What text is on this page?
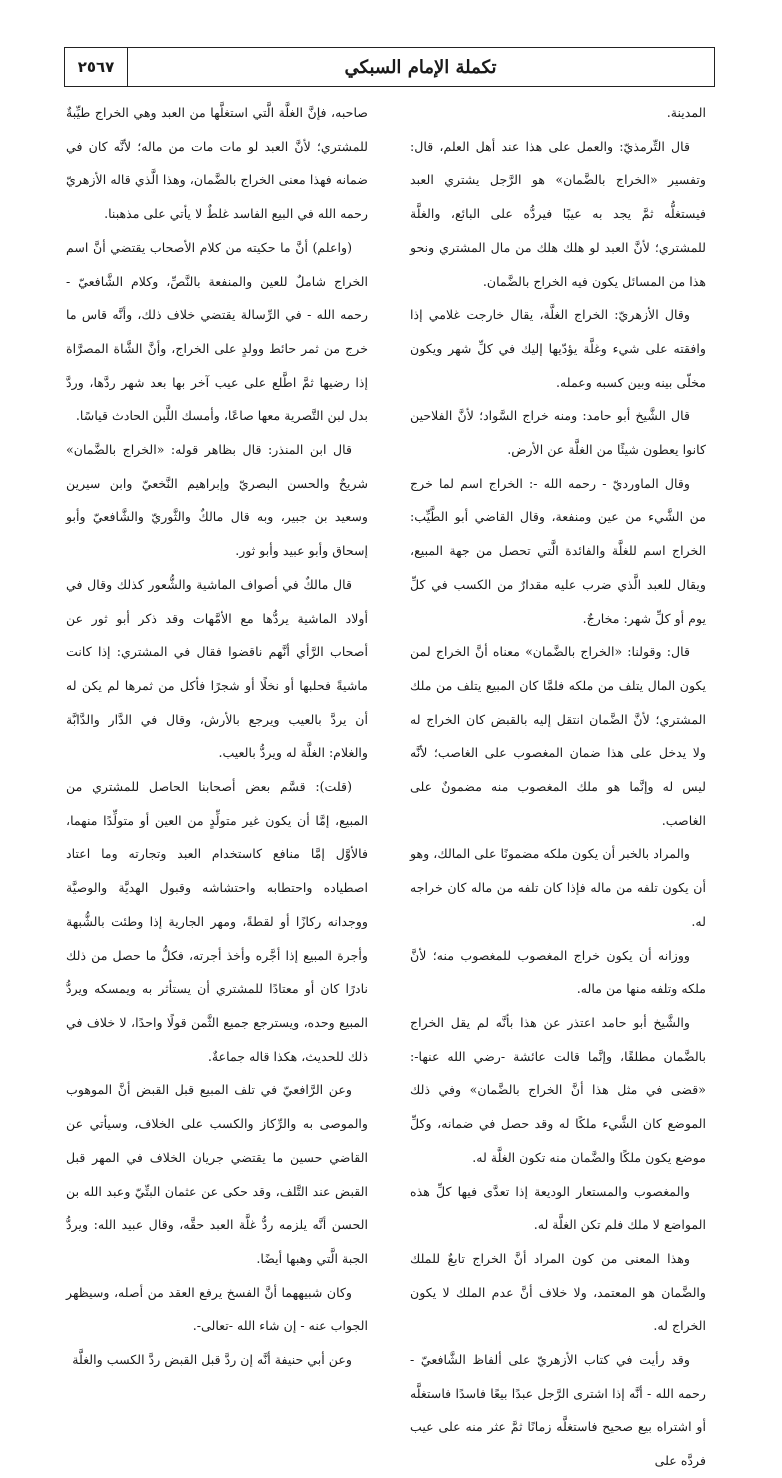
٢٥٦٧	تكملة الإمام السبكي

المدينة.

قال التِّرمذيّ: والعمل على هذا عند أهل العلم، قال: وتفسير «الخراج بالضَّمان» هو الرَّجل يشتري العبد فيستغلُّه ثمَّ يجد به عيبًا فيردُّه على البائع، والغلَّة للمشتري؛ لأنَّ العبد لو هلك هلك من مال المشتري ونحو هذا من المسائل يكون فيه الخراج بالضَّمان.

وقال الأزهريّ: الخراج الغلَّة، يقال خارجت غلامي إذا وافقته على شيء وغلَّة يؤدّيها إليك في كلِّ شهر ويكون مخلّى بينه وبين كسبه وعمله.

قال الشَّيخ أبو حامد: ومنه خراج السَّواد؛ لأنَّ الفلاحين كانوا يعطون شيئًا من الغلَّة عن الأرض.

وقال الماورديّ - رحمه الله -: الخراج اسم لما خرج من الشَّيء من عين ومنفعة، وقال القاضي أبو الطَّيِّب: الخراج اسم للغلَّة والفائدة الَّتي تحصل من جهة المبيع، ويقال للعبد الَّذي ضرب عليه مقدارٌ من الكسب في كلِّ يوم أو كلِّ شهر: مخارجٌ.

قال: وقولنا: «الخراج بالضَّمان» معناه أنَّ الخراج لمن يكون المال يتلف من ملكه فلمَّا كان المبيع يتلف من ملك المشتري؛ لأنَّ الضَّمان انتقل إليه بالقبض كان الخراج له ولا يدخل على هذا ضمان المغصوب على الغاصب؛ لأنَّه ليس له وإنَّما هو ملك المغصوب منه مضمونٌ على الغاصب.

والمراد بالخبر أن يكون ملكه مضمونًا على المالك، وهو أن يكون تلفه من ماله فإذا كان تلفه من ماله كان خراجه له.

ووزانه أن يكون خراج المغصوب للمغصوب منه؛ لأنَّ ملكه وتلفه منها من ماله.

والشَّيخ أبو حامد اعتذر عن هذا بأنَّه لم يقل الخراج بالضَّمان مطلقًا، وإنَّما قالت عائشة -رضي الله عنها-: «قضى في مثل هذا أنَّ الخراج بالضَّمان» وفي ذلك الموضع كان الشَّيء ملكًا له وقد حصل في ضمانه، وكلِّ موضع يكون ملكًا والضَّمان منه تكون الغلَّة له.

والمغصوب والمستعار الوديعة إذا تعدَّى فيها كلِّ هذه المواضع لا ملك فلم تكن الغلَّة له.

وهذا المعنى من كون المراد أنَّ الخراج تابعٌ للملك والضَّمان هو المعتمد، ولا خلاف أنَّ عدم الملك لا يكون الخراج له.

وقد رأيت في كتاب الأزهريّ على ألفاظ الشَّافعيّ - رحمه الله - أنَّه إذا اشترى الرَّجل عبدًا بيعًا فاسدًا فاستغلَّه أو اشتراه بيع صحيح فاستغلَّه زمانًا ثمَّ عثر منه على عيب فردَّه على

صاحبه، فإنَّ الغلَّة الَّتي استغلَّها من العبد وهي الخراج طيِّبةٌ للمشتري؛ لأنَّ العبد لو مات مات من ماله؛ لأنَّه كان في ضمانه فهذا معنى الخراج بالضَّمان، وهذا الَّذي قاله الأزهريّ رحمه الله في البيع الفاسد غلطٌ لا يأتي على مذهبنا.

(واعلم) أنَّ ما حكيته من كلام الأصحاب يقتضي أنَّ اسم الخراج شاملٌ للعين والمنفعة بالنَّصِّ، وكلام الشَّافعيّ - رحمه الله - في الرِّسالة يقتضي خلاف ذلك، وأنَّه قاس ما خرج من ثمر حائط وولدٍ على الخراج، وأنَّ الشَّاة المصرَّاة إذا رضيها ثمَّ اطَّلع على عيب آخر بها بعد شهر ردَّها، وردَّ بدل لبن التَّصرية معها صاعًا، وأمسك اللَّبن الحادث قياسًا.

قال ابن المنذر: قال بظاهر قوله: «الخراج بالضَّمان» شريحٌ والحسن البصريّ وإبراهيم النَّخعيّ وابن سيرين وسعيد بن جبير، وبه قال مالكٌ والثَّوريّ والشَّافعيّ وأبو إسحاق وأبو عبيد وأبو ثور.

قال مالكٌ في أصواف الماشية والشُّعور كذلك وقال في أولاد الماشية يردُّها مع الأمَّهات وقد ذكر أبو ثور عن أصحاب الرَّأي أنَّهم ناقضوا فقال في المشتري: إذا كانت ماشيةً فحلبها أو نخلًا أو شجرًا فأكل من ثمرها لم يكن له أن يردَّ بالعيب ويرجع بالأرش، وقال في الدَّار والدَّابَّة والغلام: الغلَّة له ويردُّ بالعيب.

(قلت): قسَّم بعض أصحابنا الحاصل للمشتري من المبيع، إمَّا أن يكون غير متولِّدٍ من العين أو متولِّدًا منهما، فالأوَّل إمَّا منافع كاستخدام العبد وتجارته وما اعتاد اصطياده واحتطابه واحتشاشه وقبول الهديَّة والوصيَّة ووجدانه ركازًا أو لقطةً، ومهر الجارية إذا وطئت بالشُّبهة وأجرة المبيع إذا أجَّره وأخذ أجرته، فكلُّ ما حصل من ذلك نادرًا كان أو معتادًا للمشتري أن يستأثر به ويمسكه ويردُّ المبيع وحده، ويسترجع جميع الثَّمن قولًا واحدًا، لا خلاف في ذلك للحديث، هكذا قاله جماعةٌ.

وعن الرَّافعيّ في تلف المبيع قبل القبض أنَّ الموهوب والموصى به والرِّكاز والكسب على الخلاف، وسيأتي عن القاضي حسين ما يقتضي جريان الخلاف في المهر قبل القبض عند التَّلف، وقد حكى عن عثمان البتِّيّ وعبد الله بن الحسن أنَّه يلزمه ردُّ غلَّة العبد حقَّه، وقال عبيد الله: ويردُّ الجبة الَّتي وهبها أيضًا.

وكان شبيههما أنَّ الفسخ يرفع العقد من أصله، وسيظهر الجواب عنه - إن شاء الله -تعالى-.

وعن أبي حنيفة أنَّه إن ردَّ قبل القبض ردَّ الكسب والغلَّة
